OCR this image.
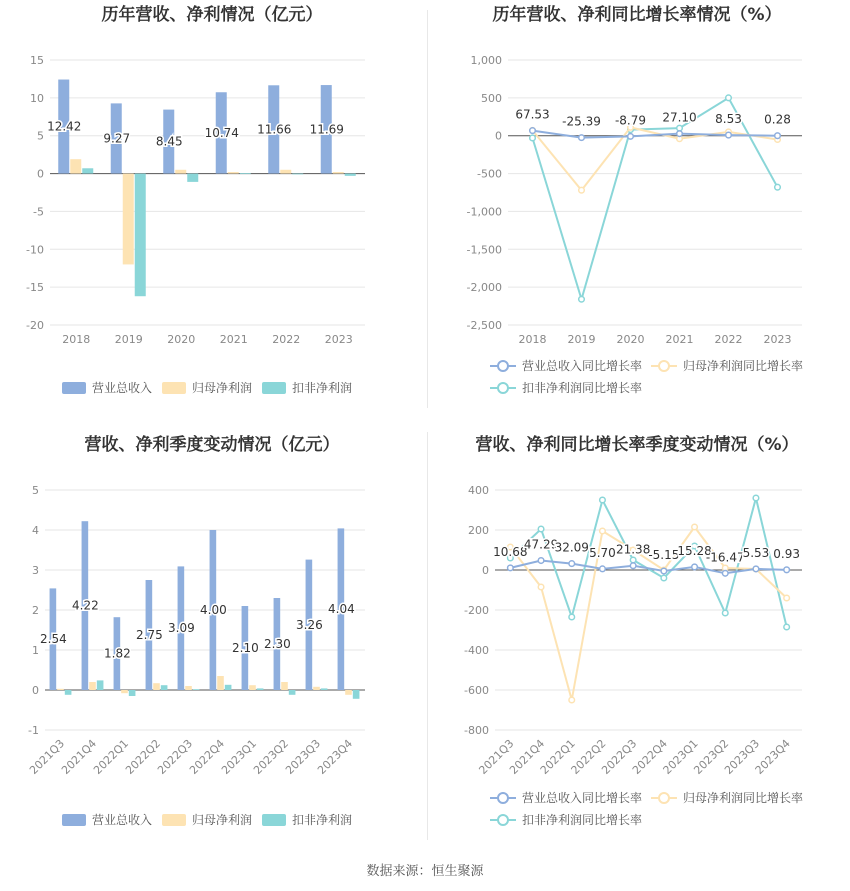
历年营收、净利情况（亿元）
15
10
5
0
-5
-10
-15
-20
2018 2019 2020 2021 2022 2023
12.42
9.27 8.45
10.74 11.66 11.69
营业总收入	归母净利润	扣非净利润
历年营收、净利同比增长率情况（%）
1,000
500
0
-500
-1,000
-1,500
-2,000
-2,500
2018 2019 2020 2021 2022 2023
67.53
-25.39 -8.79 27.10 8.53 0.28
营业总收入同比增长率	归母净利润同比增长率
扣非净利润同比增长率
营收、净利季度变动情况（亿元）
5
4
3
2
1
0
-1
2021Q3
2021Q4
2022Q1
2022Q2
2022Q3
2022Q4
2023Q1
2023Q2
2023Q3
2023Q4
2.54
4.22
1.82
2.75 3.09
4.00
2.10 2.30
3.26
4.04
营业总收入	归母净利润	扣非净利润
营收、净利同比增长率季度变动情况（%）
400
200
0
-200
-400
-600
-800
2021Q3
2021Q4
2022Q1
2022Q2
2022Q3
2022Q4
2023Q1
2023Q2
2023Q3
2023Q4
10.68
47.29
32.09 5.70 21.38
-5.15
15.28
-16.47
5.53 0.93
营业总收入同比增长率	归母净利润同比增长率
扣非净利润同比增长率
数据来源：恒生聚源
